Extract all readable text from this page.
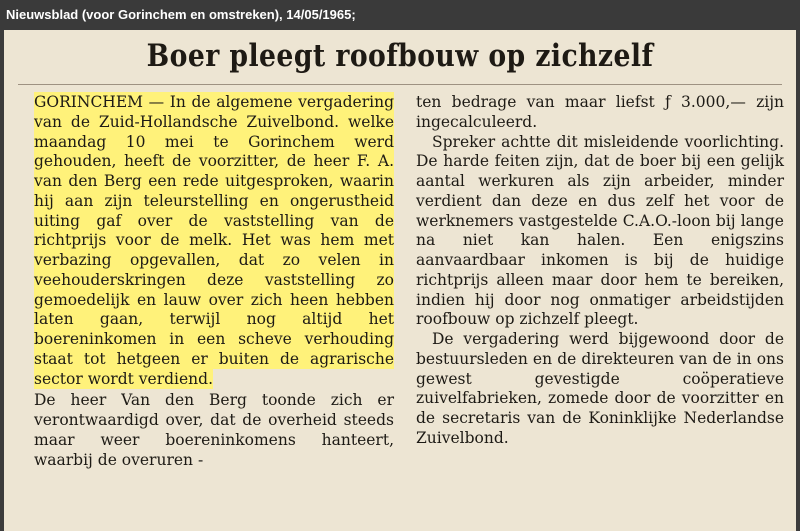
Nieuwsblad (voor Gorinchem en omstreken), 14/05/1965;
Boer pleegt roofbouw op zichzelf

GORINCHEM — In de algemene vergadering van de Zuid-Hollandsche Zuivelbond. welke maandag 10 mei te Gorinchem werd gehouden, heeft de voorzitter, de heer F. A. van den Berg een rede uitgesproken, waarin hij aan zijn teleurstelling en ongerustheid uiting gaf over de vaststelling van de richtprijs voor de melk. Het was hem met verbazing opgevallen, dat zo velen in veehouderskringen deze vaststelling zo gemoedelijk en lauw over zich heen hebben laten gaan, terwijl nog altijd het boereninkomen in een scheve verhouding staat tot hetgeen er buiten de agrarische sector wordt verdiend.

De heer Van den Berg toonde zich er verontwaardigd over, dat de overheid steeds maar weer boereninkomens hanteert, waarbij de overuren -

ten bedrage van maar liefst ƒ 3.000,— zijn ingecalculeerd.

Spreker achtte dit misleidende voorlichting. De harde feiten zijn, dat de boer bij een gelijk aantal werkuren als zijn arbeider, minder verdient dan deze en dus zelf het voor de werknemers vastgestelde C.A.O.-loon bij lange na niet kan halen. Een enigszins aanvaardbaar inkomen is bij de huidige richtprijs alleen maar door hem te bereiken, indien hij door nog onmatiger arbeidstijden roofbouw op zichzelf pleegt.

De vergadering werd bijgewoond door de bestuursleden en de direkteuren van de in ons gewest gevestigde coöperatieve zuivelfabrieken, zomede door de voorzitter en de secretaris van de Koninklijke Nederlandse Zuivelbond.
